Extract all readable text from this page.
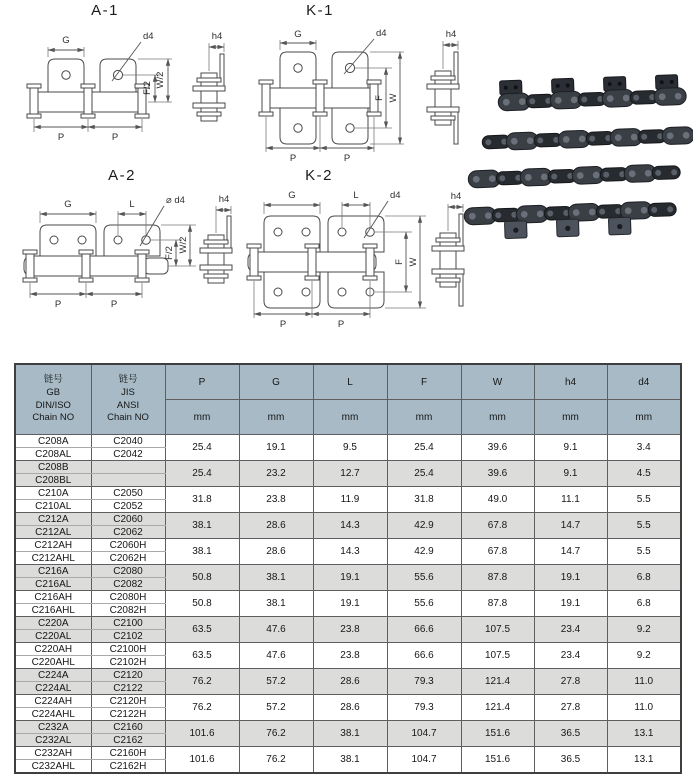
A-1	K-1
A-2	K-2
G	d4
F/2 W/2
P	P
h4	G	d4
F W
P	P
h4
G	L	⌀ d4
F/2 W/2
P	P
h4	G	L	d4
F W
P	P
h4
链号
GB
DIN/ISO
Chain NO

链号
JIS
ANSI
Chain NO
	P	G	L	F	W	h4	d4
		mm	mm	mm	mm	mm	mm	mm
C208A	C2040	25.4	19.1	9.5	25.4	39.6	9.1	3.4
C208AL	C2042							
C208B		25.4	23.2	12.7	25.4	39.6	9.1	4.5
C208BL								
C210A	C2050	31.8	23.8	11.9	31.8	49.0	11.1	5.5
C210AL	C2052							
C212A	C2060	38.1	28.6	14.3	42.9	67.8	14.7	5.5
C212AL	C2062							
C212AH	C2060H	38.1	28.6	14.3	42.9	67.8	14.7	5.5
C212AHL	C2062H							
C216A	C2080	50.8	38.1	19.1	55.6	87.8	19.1	6.8
C216AL	C2082							
C216AH	C2080H	50.8	38.1	19.1	55.6	87.8	19.1	6.8
C216AHL	C2082H							
C220A	C2100	63.5	47.6	23.8	66.6	107.5	23.4	9.2
C220AL	C2102							
C220AH	C2100H	63.5	47.6	23.8	66.6	107.5	23.4	9.2
C220AHL	C2102H							
C224A	C2120	76.2	57.2	28.6	79.3	121.4	27.8	11.0
C224AL	C2122							
C224AH	C2120H	76.2	57.2	28.6	79.3	121.4	27.8	11.0
C224AHL	C2122H							
C232A	C2160	101.6	76.2	38.1	104.7	151.6	36.5	13.1
C232AL	C2162							
C232AH	C2160H	101.6	76.2	38.1	104.7	151.6	36.5	13.1
C232AHL	C2162H							
